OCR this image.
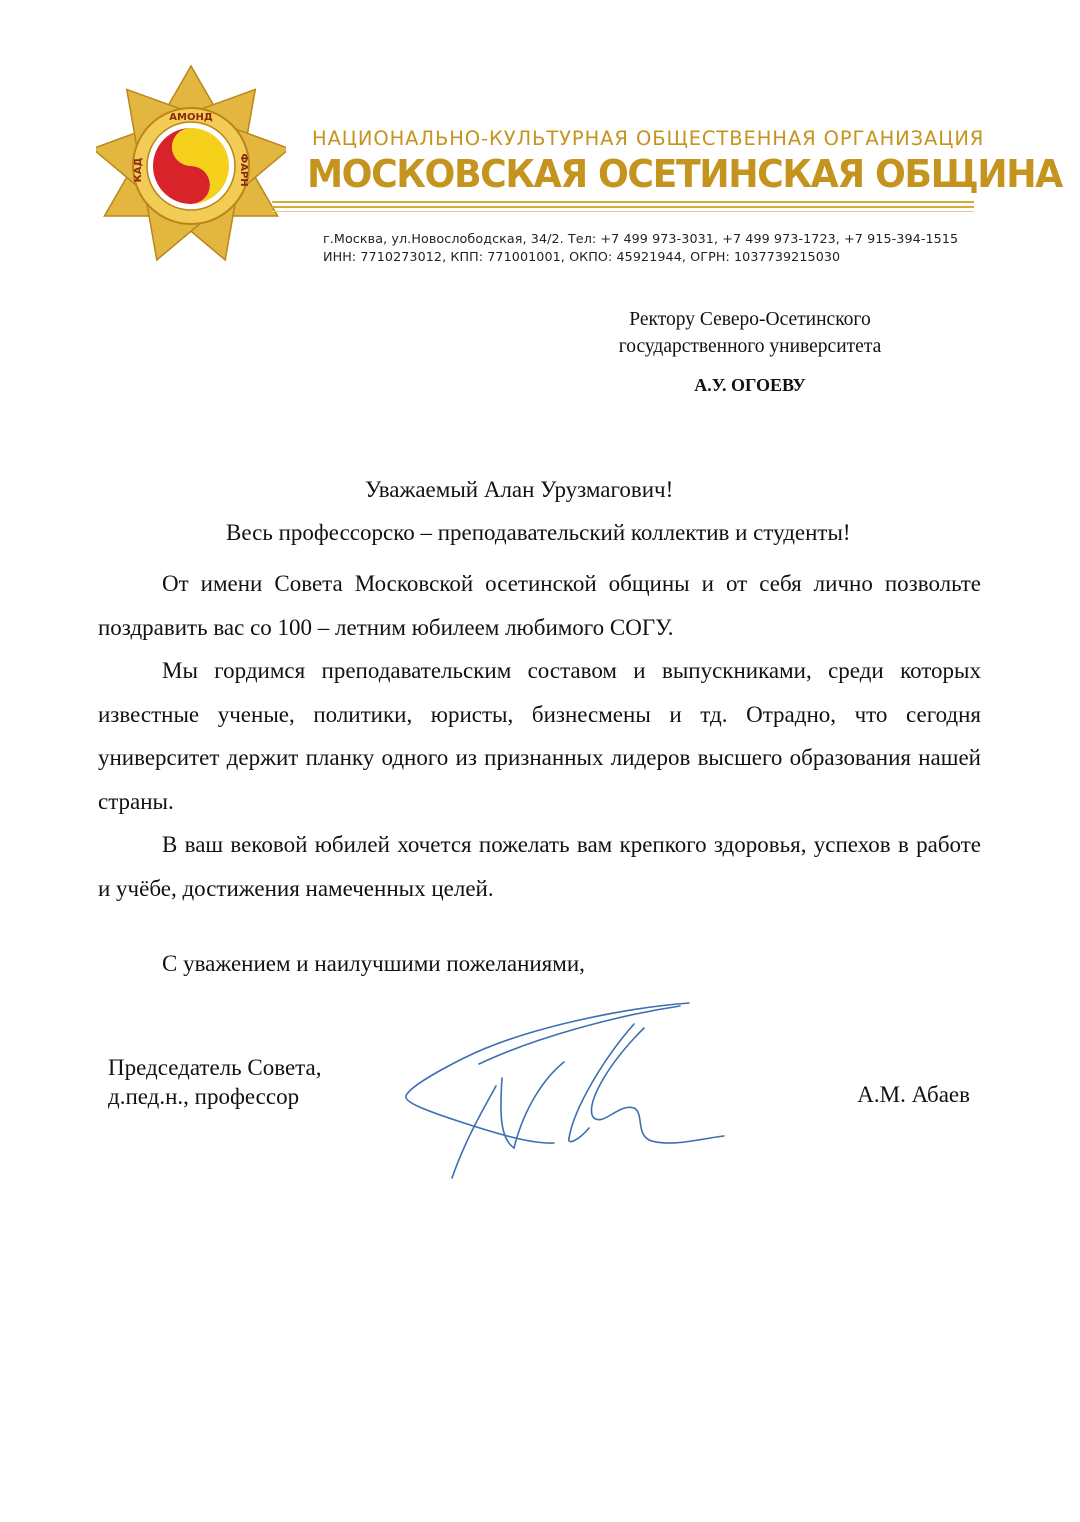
АМОНД
ФАРН
КАД
НАЦИОНАЛЬНО-КУЛЬТУРНАЯ ОБЩЕСТВЕННАЯ ОРГАНИЗАЦИЯ
МОСКОВСКАЯ ОСЕТИНСКАЯ ОБЩИНА
г.Москва, ул.Новослободская, 34/2. Тел: +7 499 973-3031, +7 499 973-1723, +7 915-394-1515
ИНН: 7710273012, КПП: 771001001, ОКПО: 45921944, ОГРН: 1037739215030
Ректору Северо-Осетинского
государственного университета
А.У. ОГОЕВУ
Уважаемый Алан Урузмагович!
Весь профессорско – преподавательский коллектив и студенты!

От имени Совета Московской осетинской общины и от себя лично позвольте поздравить вас со 100 – летним юбилеем любимого СОГУ.

Мы гордимся преподавательским составом и выпускниками, среди которых известные ученые, политики, юристы, бизнесмены и тд. Отрадно, что сегодня университет держит планку одного из признанных лидеров высшего образования нашей страны.

В ваш вековой юбилей хочется пожелать вам крепкого здоровья, успехов в работе и учёбе, достижения намеченных целей.

С уважением и наилучшими пожеланиями,
Председатель Совета,
д.пед.н., профессор	А.М. Абаев
